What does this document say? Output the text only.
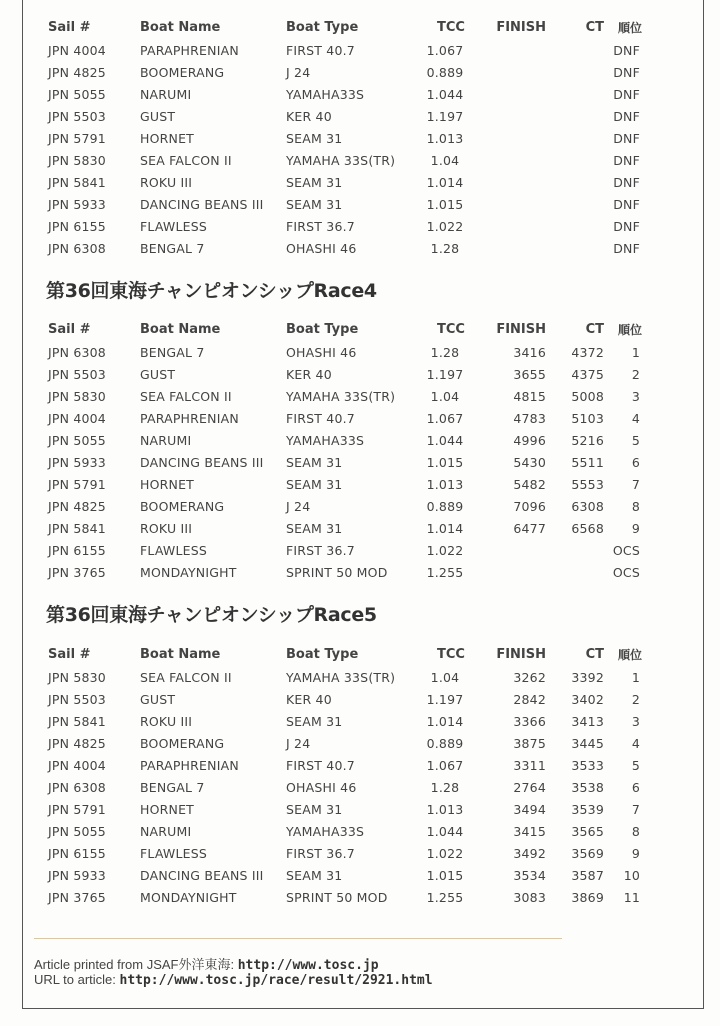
Sail #	Boat Name	Boat Type	TCC	FINISH	CT	順位
JPN 4004	PARAPHRENIAN	FIRST 40.7	1.067			DNF
JPN 4825	BOOMERANG	J 24	0.889			DNF
JPN 5055	NARUMI	YAMAHA33S	1.044			DNF
JPN 5503	GUST	KER 40	1.197			DNF
JPN 5791	HORNET	SEAM 31	1.013			DNF
JPN 5830	SEA FALCON II	YAMAHA 33S(TR)	1.04			DNF
JPN 5841	ROKU III	SEAM 31	1.014			DNF
JPN 5933	DANCING BEANS III	SEAM 31	1.015			DNF
JPN 6155	FLAWLESS	FIRST 36.7	1.022			DNF
JPN 6308	BENGAL 7	OHASHI 46	1.28			DNF
第36回東海チャンピオンシップRace4
Sail #	Boat Name	Boat Type	TCC	FINISH	CT	順位
JPN 6308	BENGAL 7	OHASHI 46	1.28	3416	4372	1
JPN 5503	GUST	KER 40	1.197	3655	4375	2
JPN 5830	SEA FALCON II	YAMAHA 33S(TR)	1.04	4815	5008	3
JPN 4004	PARAPHRENIAN	FIRST 40.7	1.067	4783	5103	4
JPN 5055	NARUMI	YAMAHA33S	1.044	4996	5216	5
JPN 5933	DANCING BEANS III	SEAM 31	1.015	5430	5511	6
JPN 5791	HORNET	SEAM 31	1.013	5482	5553	7
JPN 4825	BOOMERANG	J 24	0.889	7096	6308	8
JPN 5841	ROKU III	SEAM 31	1.014	6477	6568	9
JPN 6155	FLAWLESS	FIRST 36.7	1.022			OCS
JPN 3765	MONDAYNIGHT	SPRINT 50 MOD	1.255			OCS
第36回東海チャンピオンシップRace5
Sail #	Boat Name	Boat Type	TCC	FINISH	CT	順位
JPN 5830	SEA FALCON II	YAMAHA 33S(TR)	1.04	3262	3392	1
JPN 5503	GUST	KER 40	1.197	2842	3402	2
JPN 5841	ROKU III	SEAM 31	1.014	3366	3413	3
JPN 4825	BOOMERANG	J 24	0.889	3875	3445	4
JPN 4004	PARAPHRENIAN	FIRST 40.7	1.067	3311	3533	5
JPN 6308	BENGAL 7	OHASHI 46	1.28	2764	3538	6
JPN 5791	HORNET	SEAM 31	1.013	3494	3539	7
JPN 5055	NARUMI	YAMAHA33S	1.044	3415	3565	8
JPN 6155	FLAWLESS	FIRST 36.7	1.022	3492	3569	9
JPN 5933	DANCING BEANS III	SEAM 31	1.015	3534	3587	10
JPN 3765	MONDAYNIGHT	SPRINT 50 MOD	1.255	3083	3869	11
Article printed from JSAF外洋東海: http://www.tosc.jp
URL to article: http://www.tosc.jp/race/result/2921.html
